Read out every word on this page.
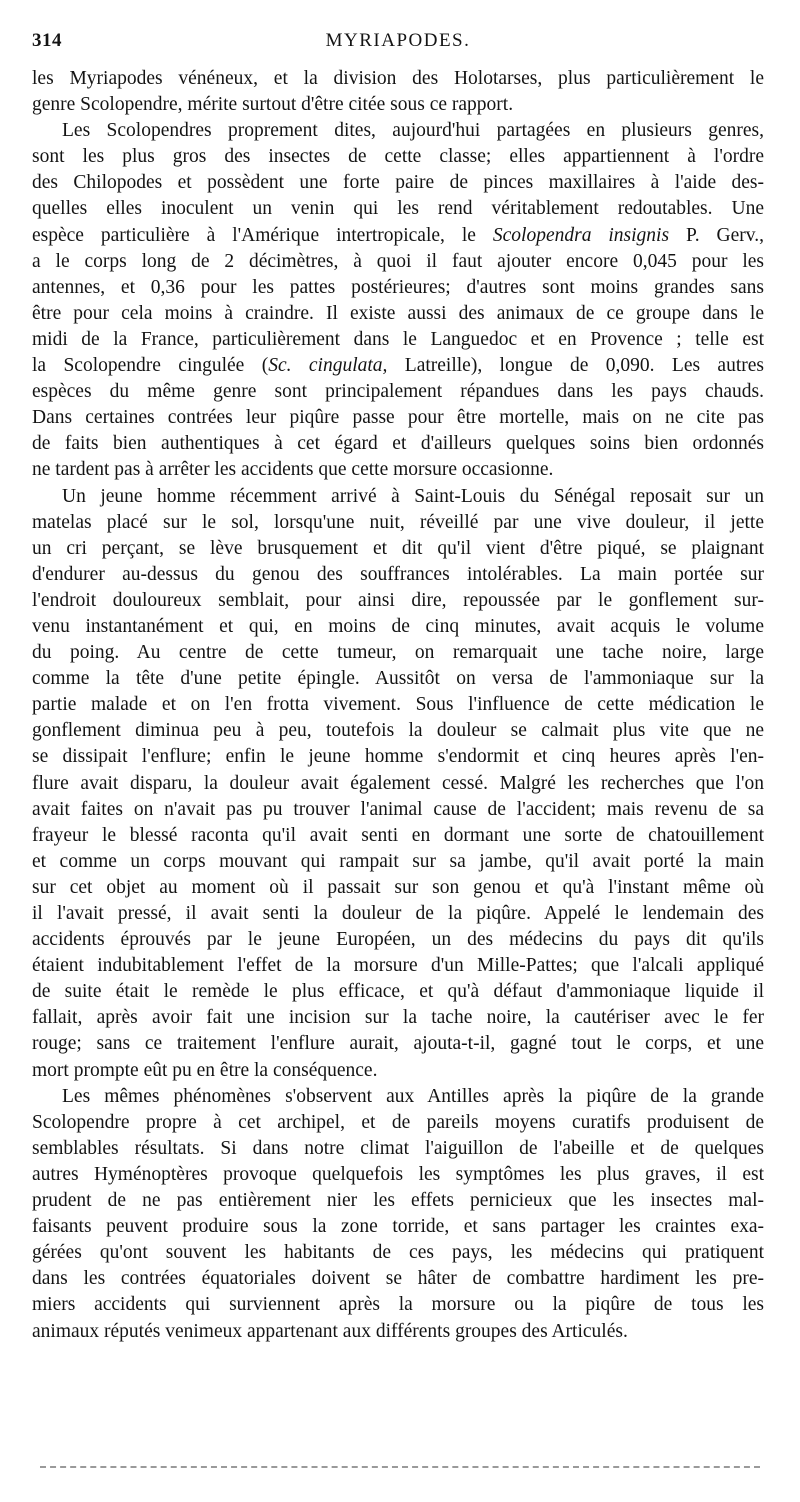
314	MYRIAPODES.
les Myriapodes vénéneux, et la division des Holotarses, plus particulièrement le
genre Scolopendre, mérite surtout d'être citée sous ce rapport.
Les Scolopendres proprement dites, aujourd'hui partagées en plusieurs genres,
sont les plus gros des insectes de cette classe; elles appartiennent à l'ordre
des Chilopodes et possèdent une forte paire de pinces maxillaires à l'aide des-
quelles elles inoculent un venin qui les rend véritablement redoutables. Une
espèce particulière à l'Amérique intertropicale, le Scolopendra insignis P. Gerv.,
a le corps long de 2 décimètres, à quoi il faut ajouter encore 0,045 pour les
antennes, et 0,36 pour les pattes postérieures; d'autres sont moins grandes sans
être pour cela moins à craindre. Il existe aussi des animaux de ce groupe dans le
midi de la France, particulièrement dans le Languedoc et en Provence ; telle est
la Scolopendre cingulée (Sc. cingulata, Latreille), longue de 0,090. Les autres
espèces du même genre sont principalement répandues dans les pays chauds.
Dans certaines contrées leur piqûre passe pour être mortelle, mais on ne cite pas
de faits bien authentiques à cet égard et d'ailleurs quelques soins bien ordonnés
ne tardent pas à arrêter les accidents que cette morsure occasionne.
Un jeune homme récemment arrivé à Saint-Louis du Sénégal reposait sur un
matelas placé sur le sol, lorsqu'une nuit, réveillé par une vive douleur, il jette
un cri perçant, se lève brusquement et dit qu'il vient d'être piqué, se plaignant
d'endurer au-dessus du genou des souffrances intolérables. La main portée sur
l'endroit douloureux semblait, pour ainsi dire, repoussée par le gonflement sur-
venu instantanément et qui, en moins de cinq minutes, avait acquis le volume
du poing. Au centre de cette tumeur, on remarquait une tache noire, large
comme la tête d'une petite épingle. Aussitôt on versa de l'ammoniaque sur la
partie malade et on l'en frotta vivement. Sous l'influence de cette médication le
gonflement diminua peu à peu, toutefois la douleur se calmait plus vite que ne
se dissipait l'enflure; enfin le jeune homme s'endormit et cinq heures après l'en-
flure avait disparu, la douleur avait également cessé. Malgré les recherches que l'on
avait faites on n'avait pas pu trouver l'animal cause de l'accident; mais revenu de sa
frayeur le blessé raconta qu'il avait senti en dormant une sorte de chatouillement
et comme un corps mouvant qui rampait sur sa jambe, qu'il avait porté la main
sur cet objet au moment où il passait sur son genou et qu'à l'instant même où
il l'avait pressé, il avait senti la douleur de la piqûre. Appelé le lendemain des
accidents éprouvés par le jeune Européen, un des médecins du pays dit qu'ils
étaient indubitablement l'effet de la morsure d'un Mille-Pattes; que l'alcali appliqué
de suite était le remède le plus efficace, et qu'à défaut d'ammoniaque liquide il
fallait, après avoir fait une incision sur la tache noire, la cautériser avec le fer
rouge; sans ce traitement l'enflure aurait, ajouta-t-il, gagné tout le corps, et une
mort prompte eût pu en être la conséquence.
Les mêmes phénomènes s'observent aux Antilles après la piqûre de la grande
Scolopendre propre à cet archipel, et de pareils moyens curatifs produisent de
semblables résultats. Si dans notre climat l'aiguillon de l'abeille et de quelques
autres Hyménoptères provoque quelquefois les symptômes les plus graves, il est
prudent de ne pas entièrement nier les effets pernicieux que les insectes mal-
faisants peuvent produire sous la zone torride, et sans partager les craintes exa-
gérées qu'ont souvent les habitants de ces pays, les médecins qui pratiquent
dans les contrées équatoriales doivent se hâter de combattre hardiment les pre-
miers accidents qui surviennent après la morsure ou la piqûre de tous les
animaux réputés venimeux appartenant aux différents groupes des Articulés.
